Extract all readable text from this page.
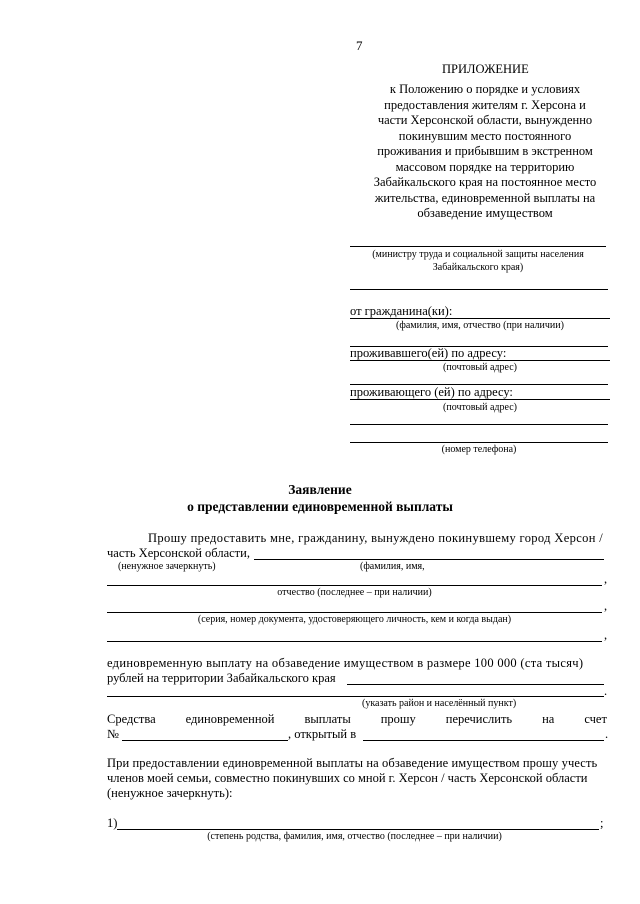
7
ПРИЛОЖЕНИЕ
к Положению о порядке и условиях
предоставления жителям г. Херсона и
части Херсонской области, вынужденно
покинувшим место постоянного
проживания и прибывшим в экстренном
массовом порядке на территорию
Забайкальского края на постоянное место
жительства, единовременной выплаты на
обзаведение имуществом
(министру труда и социальной защиты населения
Забайкальского края)
от гражданина(ки):
(фамилия, имя, отчество (при наличии)
проживавшего(ей) по адресу:
(почтовый адрес)
проживающего (ей) по адресу:
(почтовый адрес)
(номер телефона)
Заявление
о представлении единовременной выплаты
Прошу предоставить мне, гражданину, вынуждено покинувшему город Херсон /
часть Херсонской области,
(ненужное зачеркнуть)	(фамилия, имя,
,
отчество (последнее – при наличии)
,
(серия, номер документа, удостоверяющего личность, кем и когда выдан)
,
единовременную выплату на обзаведение имуществом в размере 100 000 (ста тысяч)
рублей на территории Забайкальского края
.
(указать район и населённый пункт)
Средства единовременной выплаты прошу перечислить на счет
№	, открытый в	.
При предоставлении единовременной выплаты на обзаведение имуществом прошу учесть
членов моей семьи, совместно покинувших со мной г. Херсон / часть Херсонской области
(ненужное зачеркнуть):
1)	;
(степень родства, фамилия, имя, отчество (последнее – при наличии)
